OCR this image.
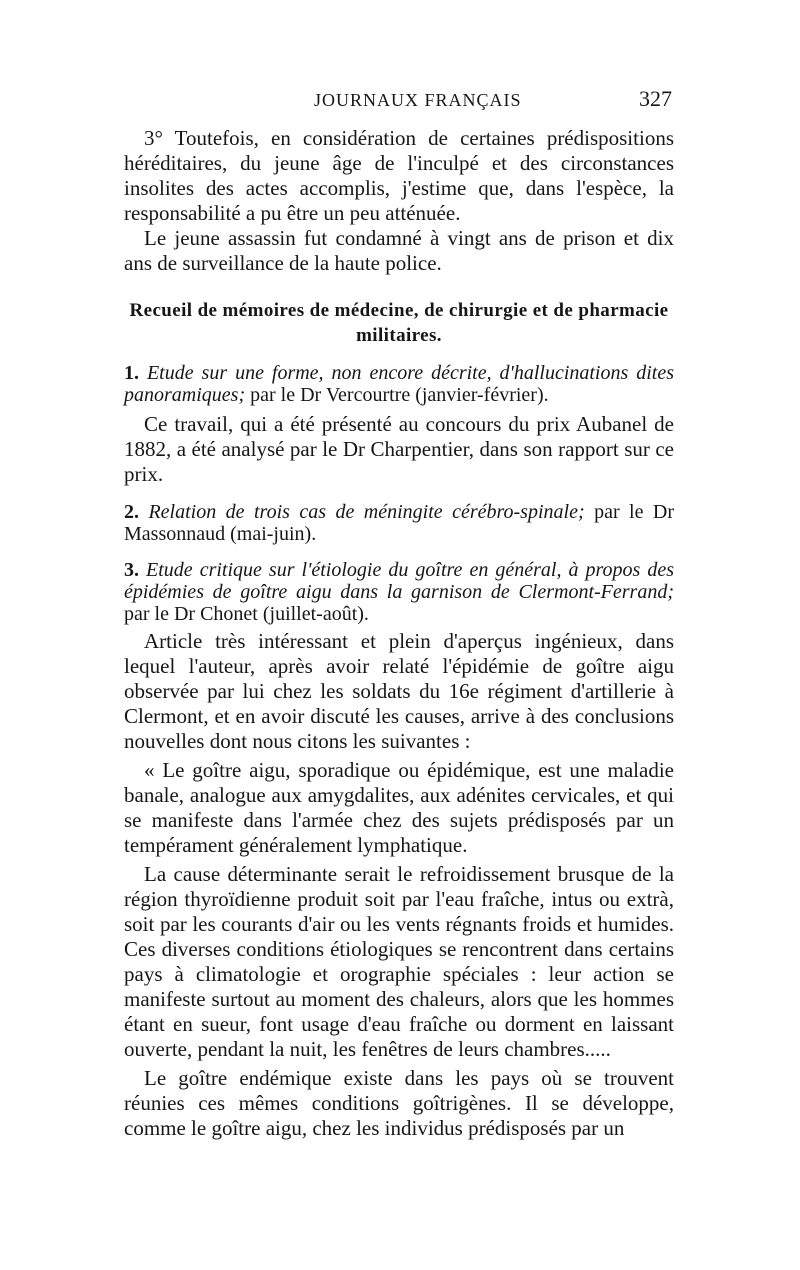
JOURNAUX FRANÇAIS	327

3° Toutefois, en considération de certaines prédispositions héréditaires, du jeune âge de l'inculpé et des circonstances insolites des actes accomplis, j'estime que, dans l'espèce, la responsabilité a pu être un peu atténuée.

Le jeune assassin fut condamné à vingt ans de prison et dix ans de surveillance de la haute police.

Recueil de mémoires de médecine, de chirurgie et de pharmacie militaires.

1. Etude sur une forme, non encore décrite, d'hallucinations dites panoramiques; par le Dr Vercourtre (janvier-février).

Ce travail, qui a été présenté au concours du prix Aubanel de 1882, a été analysé par le Dr Charpentier, dans son rapport sur ce prix.

2. Relation de trois cas de méningite cérébro-spinale; par le Dr Massonnaud (mai-juin).

3. Etude critique sur l'étiologie du goître en général, à propos des épidémies de goître aigu dans la garnison de Clermont-Ferrand; par le Dr Chonet (juillet-août).

Article très intéressant et plein d'aperçus ingénieux, dans lequel l'auteur, après avoir relaté l'épidémie de goître aigu observée par lui chez les soldats du 16e régiment d'artillerie à Clermont, et en avoir discuté les causes, arrive à des conclusions nouvelles dont nous citons les suivantes :

« Le goître aigu, sporadique ou épidémique, est une maladie banale, analogue aux amygdalites, aux adénites cervicales, et qui se manifeste dans l'armée chez des sujets prédisposés par un tempérament généralement lymphatique.

La cause déterminante serait le refroidissement brusque de la région thyroïdienne produit soit par l'eau fraîche, intus ou extrà, soit par les courants d'air ou les vents régnants froids et humides. Ces diverses conditions étiologiques se rencontrent dans certains pays à climatologie et orographie spéciales : leur action se manifeste surtout au moment des chaleurs, alors que les hommes étant en sueur, font usage d'eau fraîche ou dorment en laissant ouverte, pendant la nuit, les fenêtres de leurs chambres.....

Le goître endémique existe dans les pays où se trouvent réunies ces mêmes conditions goîtrigènes. Il se développe, comme le goître aigu, chez les individus prédisposés par un
